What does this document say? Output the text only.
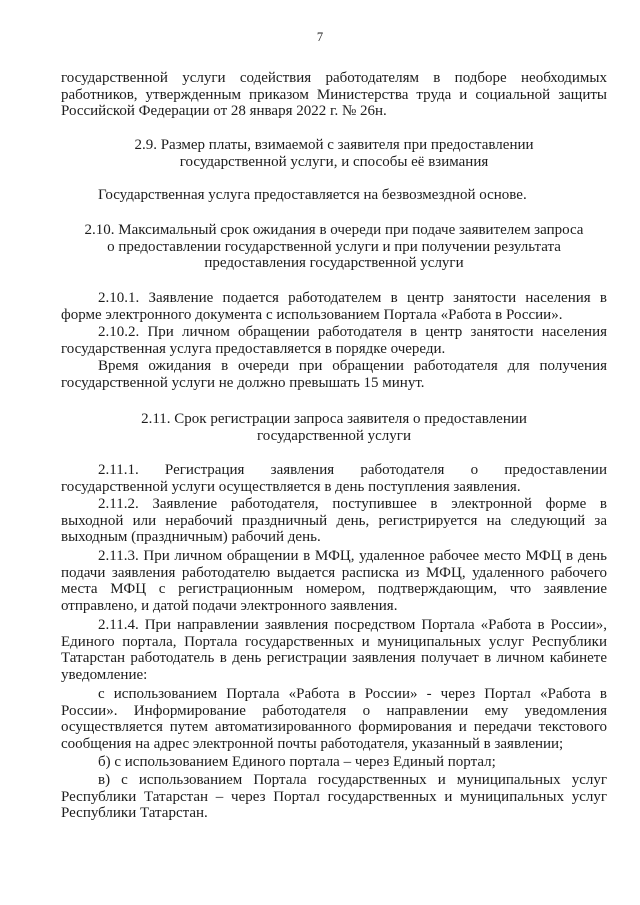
7
государственной услуги содействия работодателям в подборе необходимых
работников, утвержденным приказом Министерства труда и социальной защиты
Российской Федерации от 28 января 2022 г. № 26н.
2.9. Размер платы, взимаемой с заявителя при предоставлении
государственной услуги, и способы её взимания
Государственная услуга предоставляется на безвозмездной основе.
2.10. Максимальный срок ожидания в очереди при подаче заявителем запроса
о предоставлении государственной услуги и при получении результата
предоставления государственной услуги
2.10.1. Заявление подается работодателем в центр занятости населения в
форме электронного документа с использованием Портала «Работа в России».
2.10.2. При личном обращении работодателя в центр занятости населения
государственная услуга предоставляется в порядке очереди.
Время ожидания в очереди при обращении работодателя для получения
государственной услуги не должно превышать 15 минут.
2.11. Срок регистрации запроса заявителя о предоставлении
государственной услуги
2.11.1. Регистрация заявления работодателя о предоставлении
государственной услуги осуществляется в день поступления заявления.
2.11.2. Заявление работодателя, поступившее в электронной форме в
выходной или нерабочий праздничный день, регистрируется на следующий за
выходным (праздничным) рабочий день.
2.11.3. При личном обращении в МФЦ, удаленное рабочее место МФЦ в день
подачи заявления работодателю выдается расписка из МФЦ, удаленного рабочего
места МФЦ с регистрационным номером, подтверждающим, что заявление
отправлено, и датой подачи электронного заявления.
2.11.4. При направлении заявления посредством Портала «Работа в России»,
Единого портала, Портала государственных и муниципальных услуг Республики
Татарстан работодатель в день регистрации заявления получает в личном кабинете
уведомление:
с использованием Портала «Работа в России» - через Портал «Работа в
России». Информирование работодателя о направлении ему уведомления
осуществляется путем автоматизированного формирования и передачи текстового
сообщения на адрес электронной почты работодателя, указанный в заявлении;
б) с использованием Единого портала – через Единый портал;
в) с использованием Портала государственных и муниципальных услуг
Республики Татарстан – через Портал государственных и муниципальных услуг
Республики Татарстан.
